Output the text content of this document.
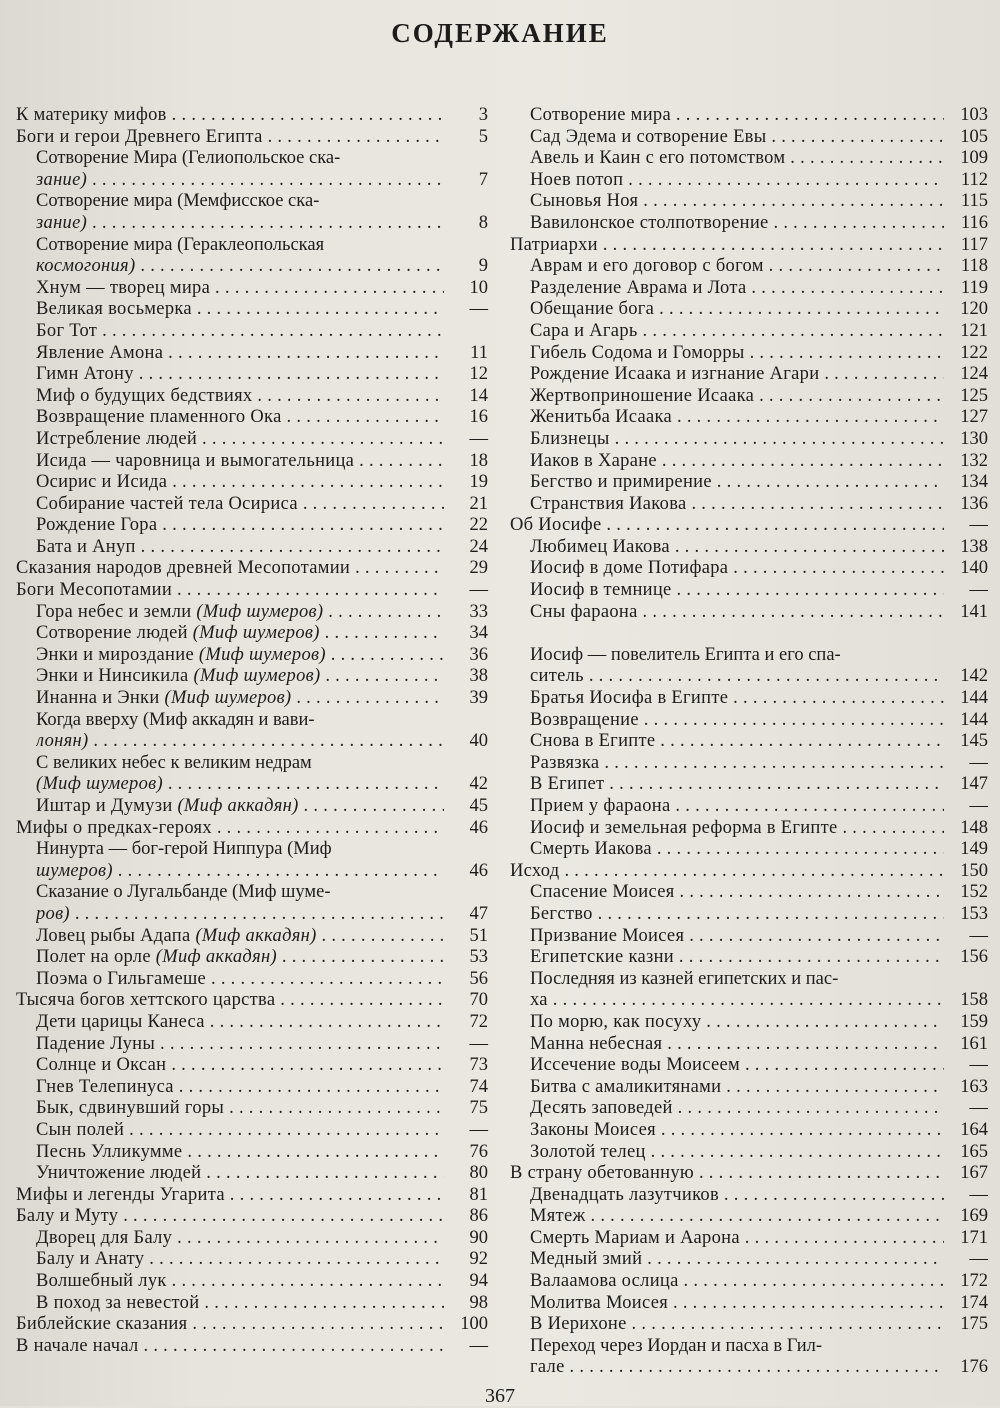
СОДЕРЖАНИЕ
К материку мифов . . .	3
Боги и герои Древнего Египта . . .	5
Сотворение Мира (Гелиопольское ска-
зание) . . .	7
Сотворение мира (Мемфисское ска-
зание) . . .	8
Сотворение мира (Гераклеопольская
космогония) . . .	9
Хнум — творец мира . . .	10
Великая восьмерка . . .	—
Бог Тот . . .
Явление Амона . . .	11
Гимн Атону . . .	12
Миф о будущих бедствиях . . .	14
Возвращение пламенного Ока . . .	16
Истребление людей . . .	—
Исида — чаровница и вымогательница . . .	18
Осирис и Исида . . .	19
Собирание частей тела Осириса . . .	21
Рождение Гора . . .	22
Бата и Ануп . . .	24
Сказания народов древней Месопотамии . . .	29
Боги Месопотамии . . .	—
Гора небес и земли (Миф шумеров) . . .	33
Сотворение людей (Миф шумеров) . . .	34
Энки и мироздание (Миф шумеров) . . .	36
Энки и Нинсикила (Миф шумеров) . . .	38
Инанна и Энки (Миф шумеров) . . .	39
Когда вверху (Миф аккадян и вави-
лонян) . . .	40
С великих небес к великим недрам
(Миф шумеров) . . .	42
Иштар и Думузи (Миф аккадян) . . .	45
Мифы о предках-героях . . .	46
Нинурта — бог-герой Ниппура (Миф
шумеров) . . .	46
Сказание о Лугальбанде (Миф шуме-
ров) . . .	47
Ловец рыбы Адапа (Миф аккадян) . . .	51
Полет на орле (Миф аккадян) . . .	53
Поэма о Гильгамеше . . .	56
Тысяча богов хеттского царства . . .	70
Дети царицы Канеса . . .	72
Падение Луны . . .	—
Солнце и Оксан . . .	73
Гнев Телепинуса . . .	74
Бык, сдвинувший горы . . .	75
Сын полей . . .	—
Песнь Улликумме . . .	76
Уничтожение людей . . .	80
Мифы и легенды Угарита . . .	81
Балу и Муту . . .	86
Дворец для Балу . . .	90
Балу и Анату . . .	92
Волшебный лук . . .	94
В поход за невестой . . .	98
Библейские сказания . . .	100
В начале начал . . .	—
Сотворение мира . . .	103
Сад Эдема и сотворение Евы . . .	105
Авель и Каин с его потомством . . .	109
Ноев потоп . . .	112
Сыновья Ноя . . .	115
Вавилонское столпотворение . . .	116
Патриархи . . .	117
Аврам и его договор с богом . . .	118
Разделение Аврама и Лота . . .	119
Обещание бога . . .	120
Сара и Агарь . . .	121
Гибель Содома и Гоморры . . .	122
Рождение Исаака и изгнание Агари . . .	124
Жертвоприношение Исаака . . .	125
Женитьба Исаака . . .	127
Близнецы . . .	130
Иаков в Харане . . .	132
Бегство и примирение . . .	134
Странствия Иакова . . .	136
Об Иосифе . . .	—
Любимец Иакова . . .	138
Иосиф в доме Потифара . . .	140
Иосиф в темнице . . .	—
Сны фараона . . .	141
Иосиф — повелитель Египта и его спа-
ситель . . .	142
Братья Иосифа в Египте . . .	144
Возвращение . . .	144
Снова в Египте . . .	145
Развязка . . .	—
В Египет . . .	147
Прием у фараона . . .	—
Иосиф и земельная реформа в Египте . . .	148
Смерть Иакова . . .	149
Исход . . .	150
Спасение Моисея . . .	152
Бегство . . .	153
Призвание Моисея . . .	—
Египетские казни . . .	156
Последняя из казней египетских и пас-
ха . . .	158
По морю, как посуху . . .	159
Манна небесная . . .	161
Иссечение воды Моисеем . . .	—
Битва с амаликитянами . . .	163
Десять заповедей . . .	—
Законы Моисея . . .	164
Золотой телец . . .	165
В страну обетованную . . .	167
Двенадцать лазутчиков . . .	—
Мятеж . . .	169
Смерть Мариам и Аарона . . .	171
Медный змий . . .	—
Валаамова ослица . . .	172
Молитва Моисея . . .	174
В Иерихоне . . .	175
Переход через Иордан и пасха в Гил-
гале . . .	176
367
